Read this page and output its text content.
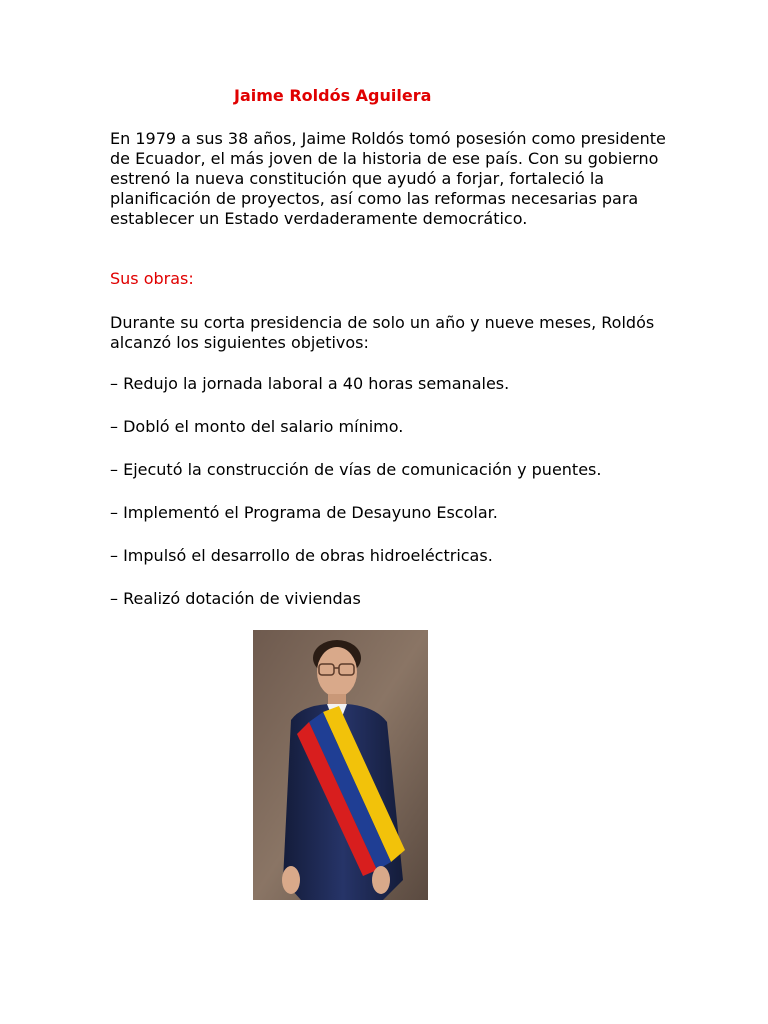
Jaime Roldós Aguilera

En 1979 a sus 38 años, Jaime Roldós tomó posesión como presidente de Ecuador, el más joven de la historia de ese país. Con su gobierno estrenó la nueva constitución que ayudó a forjar, fortaleció la planificación de proyectos, así como las reformas necesarias para establecer un Estado verdaderamente democrático.

Sus obras:

Durante su corta presidencia de solo un año y nueve meses, Roldós alcanzó los siguientes objetivos:

– Redujo la jornada laboral a 40 horas semanales.
– Dobló el monto del salario mínimo.
– Ejecutó la construcción de vías de comunicación y puentes.
– Implementó el Programa de Desayuno Escolar.
– Impulsó el desarrollo de obras hidroeléctricas.
– Realizó dotación de viviendas
